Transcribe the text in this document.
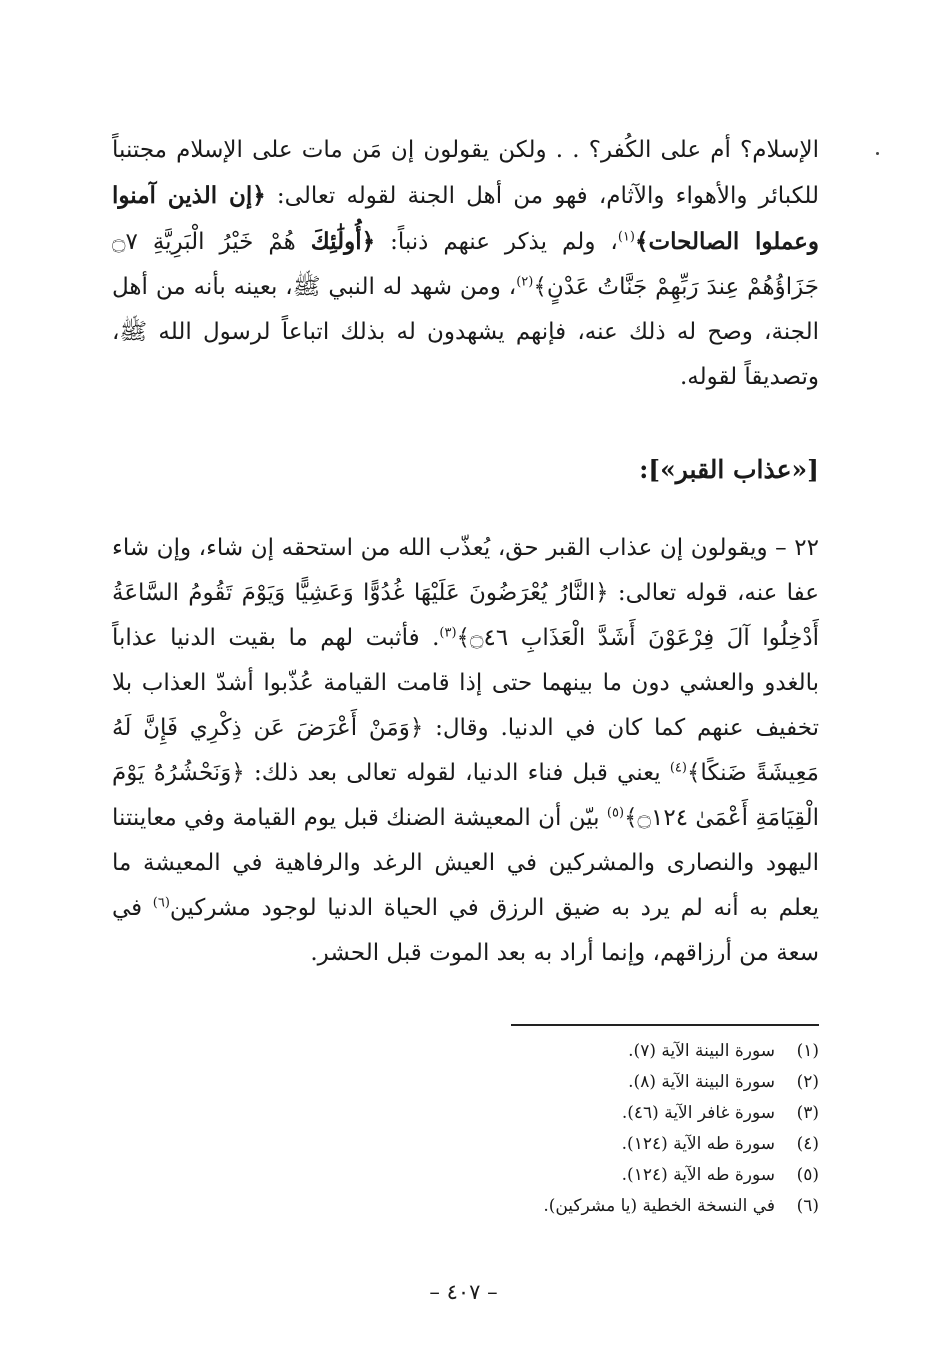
الإسلام؟ أم على الكُفر؟ . . ولكن يقولون إن مَن مات على الإسلام مجتنباً للكبائر والأهواء والآثام، فهو من أهل الجنة لقوله تعالى: ﴿إن الذين آمنوا وعملوا الصالحات﴾$^{(١)}$، ولم يذكر عنهم ذنباً: ﴿أُولَٰئِكَ هُمْ خَيْرُ الْبَرِيَّةِ ۝٧ جَزَاؤُهُمْ عِندَ رَبِّهِمْ جَنَّاتُ عَدْنٍ﴾$^{(٢)}$، ومن شهد له النبي ﷺ، بعينه بأنه من أهل الجنة، وصح له ذلك عنه، فإنهم يشهدون له بذلك اتباعاً لرسول الله ﷺ، وتصديقاً لقوله.

[«عذاب القبر»]:

٢٢ – ويقولون إن عذاب القبر حق، يُعذّب الله من استحقه إن شاء، وإن شاء عفا عنه، قوله تعالى: ﴿النَّارُ يُعْرَضُونَ عَلَيْهَا غُدُوًّا وَعَشِيًّا وَيَوْمَ تَقُومُ السَّاعَةُ أَدْخِلُوا آلَ فِرْعَوْنَ أَشَدَّ الْعَذَابِ ۝٤٦﴾$^{(٣)}$. فأثبت لهم ما بقيت الدنيا عذاباً بالغدو والعشي دون ما بينهما حتى إذا قامت القيامة عُذّبوا أشدّ العذاب بلا تخفيف عنهم كما كان في الدنيا. وقال: ﴿وَمَنْ أَعْرَضَ عَن ذِكْرِي فَإِنَّ لَهُ مَعِيشَةً ضَنكًا﴾$^{(٤)}$ يعني قبل فناء الدنيا، لقوله تعالى بعد ذلك: ﴿وَنَحْشُرُهُ يَوْمَ الْقِيَامَةِ أَعْمَىٰ ۝١٢٤﴾$^{(٥)}$ بيّن أن المعيشة الضنك قبل يوم القيامة وفي معاينتنا اليهود والنصارى والمشركين في العيش الرغد والرفاهية في المعيشة ما يعلم به أنه لم يرد به ضيق الرزق في الحياة الدنيا لوجود مشركين$^{(٦)}$ في سعة من أرزاقهم، وإنما أراد به بعد الموت قبل الحشر.

(١)سورة البينة الآية (٧).
(٢)سورة البينة الآية (٨).
(٣)سورة غافر الآية (٤٦).
(٤)سورة طه الآية (١٢٤).
(٥)سورة طه الآية (١٢٤).
(٦)في النسخة الخطية (يا مشركين).
– ٤٠٧ –
